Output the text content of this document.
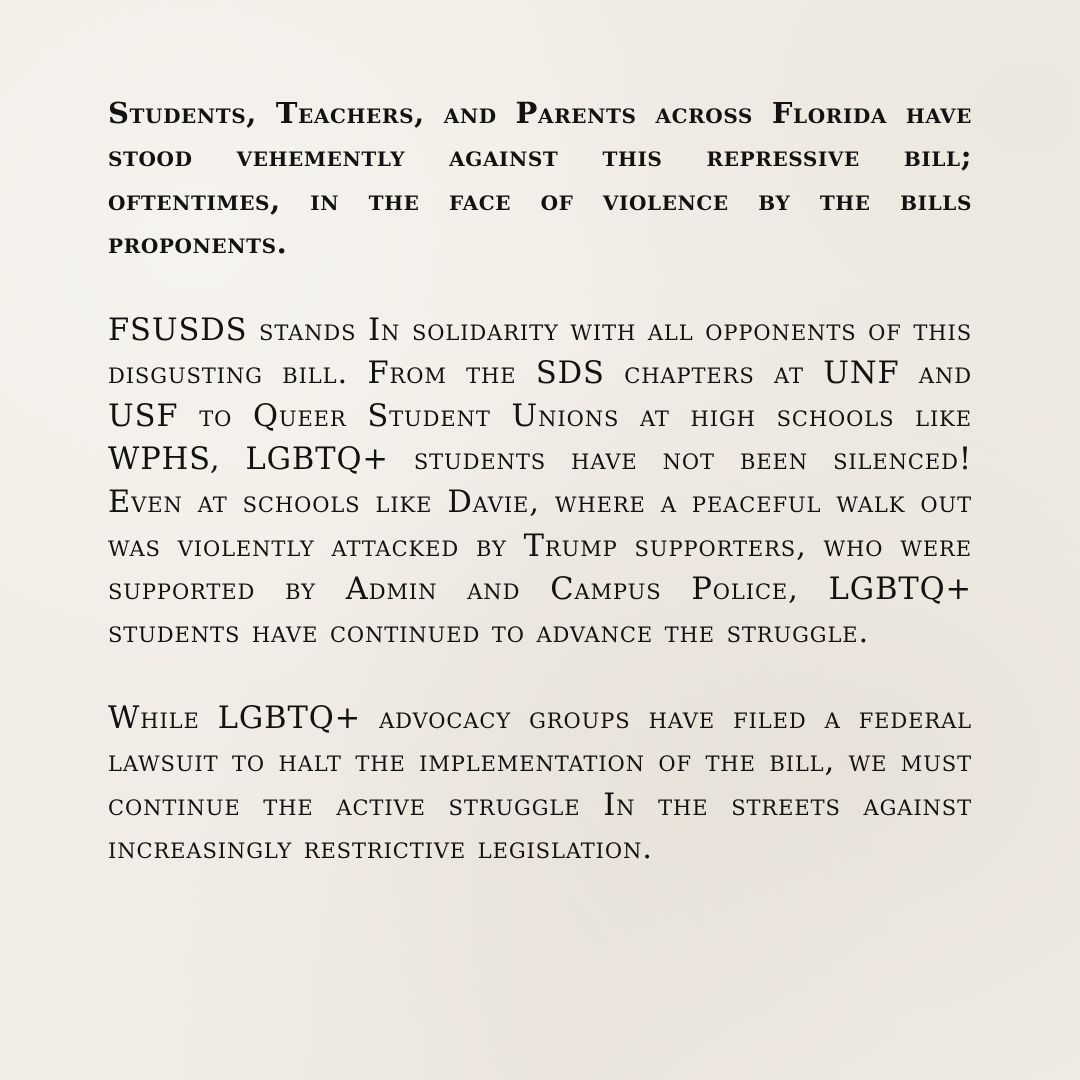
Students, Teachers, and Parents across Florida have stood vehemently against this repressive bill; oftentimes, in the face of violence by the bills proponents.

FSUSDS stands In solidarity with all opponents of this disgusting bill. From the SDS chapters at UNF and USF to Queer Student Unions at high schools like WPHS, LGBTQ+ students have not been silenced! Even at schools like Davie, where a peaceful walk out was violently attacked by Trump supporters, who were supported by Admin and Campus Police, LGBTQ+ students have continued to advance the struggle.

While LGBTQ+ advocacy groups have filed a federal lawsuit to halt the implementation of the bill, we must continue the active struggle In the streets against increasingly restrictive legislation.
